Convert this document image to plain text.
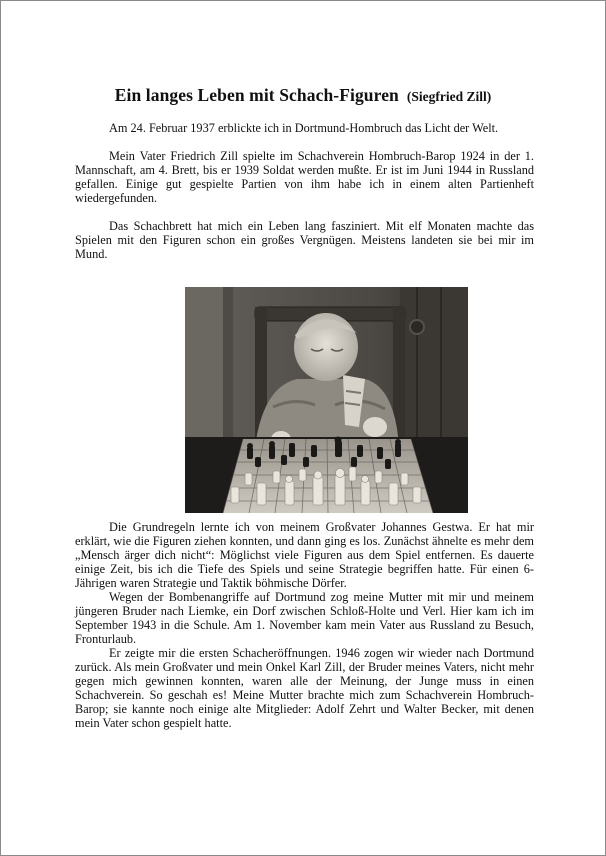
Ein langes Leben mit Schach-Figuren (Siegfried Zill)

Am 24. Februar 1937 erblickte ich in Dortmund-Hombruch das Licht der Welt.

Mein Vater Friedrich Zill spielte im Schachverein Hombruch-Barop 1924 in der 1. Mannschaft, am 4. Brett, bis er 1939 Soldat werden mußte. Er ist im Juni 1944 in Russland gefallen. Einige gut gespielte Partien von ihm habe ich in einem alten Partienheft wiedergefunden.

Das Schachbrett hat mich ein Leben lang fasziniert. Mit elf Monaten machte das Spielen mit den Figuren schon ein großes Vergnügen. Meistens landeten sie bei mir im Mund.

Die Grundregeln lernte ich von meinem Großvater Johannes Gestwa. Er hat mir erklärt, wie die Figuren ziehen konnten, und dann ging es los. Zunächst ähnelte es mehr dem „Mensch ärger dich nicht“: Möglichst viele Figuren aus dem Spiel entfernen. Es dauerte einige Zeit, bis ich die Tiefe des Spiels und seine Strategie begriffen hatte. Für einen 6-Jährigen waren Strategie und Taktik böhmische Dörfer.

Wegen der Bombenangriffe auf Dortmund zog meine Mutter mit mir und meinem jüngeren Bruder nach Liemke, ein Dorf zwischen Schloß-Holte und Verl. Hier kam ich im September 1943 in die Schule. Am 1. November kam mein Vater aus Russland zu Besuch, Fronturlaub.

Er zeigte mir die ersten Schacheröffnungen. 1946 zogen wir wieder nach Dortmund zurück. Als mein Großvater und mein Onkel Karl Zill, der Bruder meines Vaters, nicht mehr gegen mich gewinnen konnten, waren alle der Meinung, der Junge muss in einen Schachverein. So geschah es! Meine Mutter brachte mich zum Schachverein Hombruch-Barop; sie kannte noch einige alte Mitglieder: Adolf Zehrt und Walter Becker, mit denen mein Vater schon gespielt hatte.
